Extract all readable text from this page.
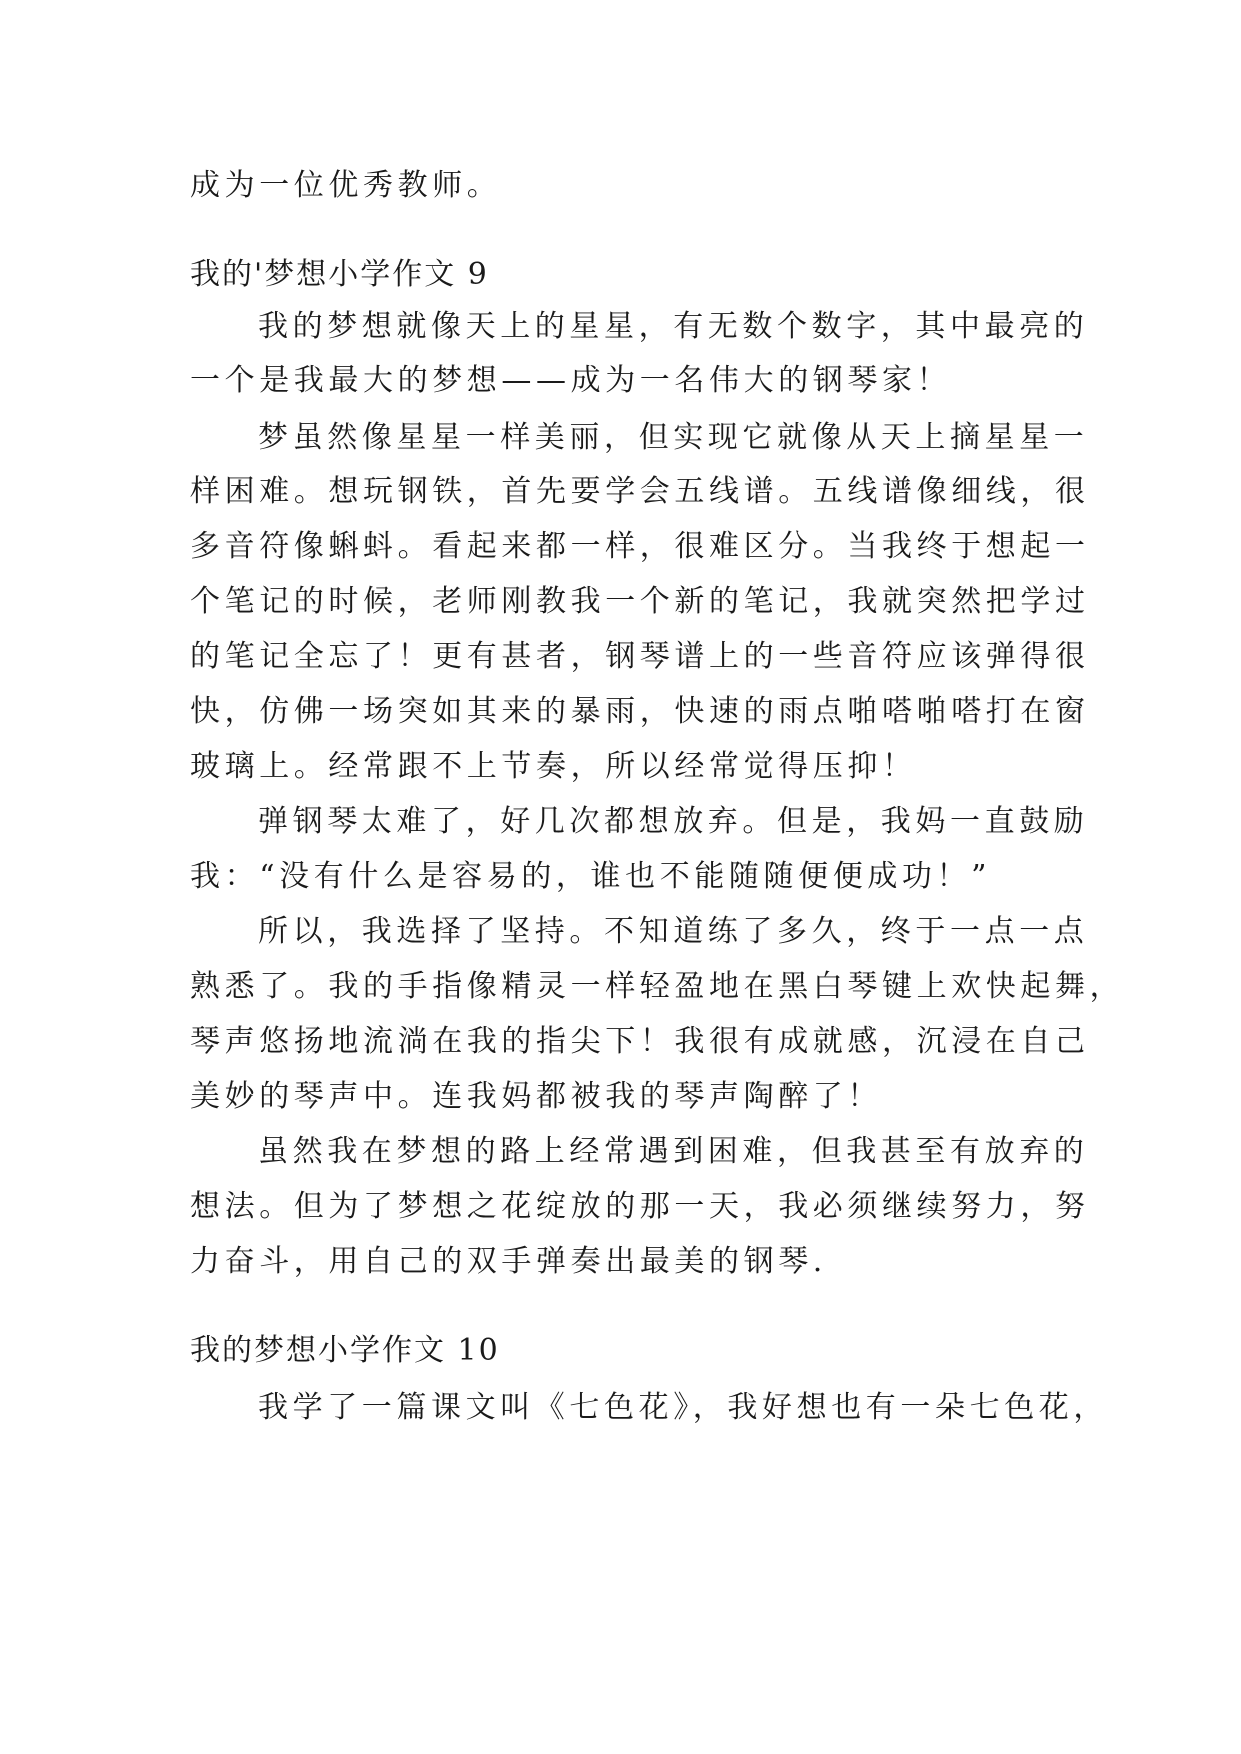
成为一位优秀教师。
我的'梦想小学作文 9
我的梦想就像天上的星星，有无数个数字，其中最亮的
一个是我最大的梦想——成为一名伟大的钢琴家！
梦虽然像星星一样美丽，但实现它就像从天上摘星星一
样困难。想玩钢铁，首先要学会五线谱。五线谱像细线，很
多音符像蝌蚪。看起来都一样，很难区分。当我终于想起一
个笔记的时候，老师刚教我一个新的笔记，我就突然把学过
的笔记全忘了！更有甚者，钢琴谱上的一些音符应该弹得很
快，仿佛一场突如其来的暴雨，快速的雨点啪嗒啪嗒打在窗
玻璃上。经常跟不上节奏，所以经常觉得压抑！
弹钢琴太难了，好几次都想放弃。但是，我妈一直鼓励
我：“没有什么是容易的，谁也不能随随便便成功！”
所以，我选择了坚持。不知道练了多久，终于一点一点
熟悉了。我的手指像精灵一样轻盈地在黑白琴键上欢快起舞，
琴声悠扬地流淌在我的指尖下！我很有成就感，沉浸在自己
美妙的琴声中。连我妈都被我的琴声陶醉了！
虽然我在梦想的路上经常遇到困难，但我甚至有放弃的
想法。但为了梦想之花绽放的那一天，我必须继续努力，努
力奋斗，用自己的双手弹奏出最美的钢琴.
我的梦想小学作文 10
我学了一篇课文叫《七色花》，我好想也有一朵七色花，
